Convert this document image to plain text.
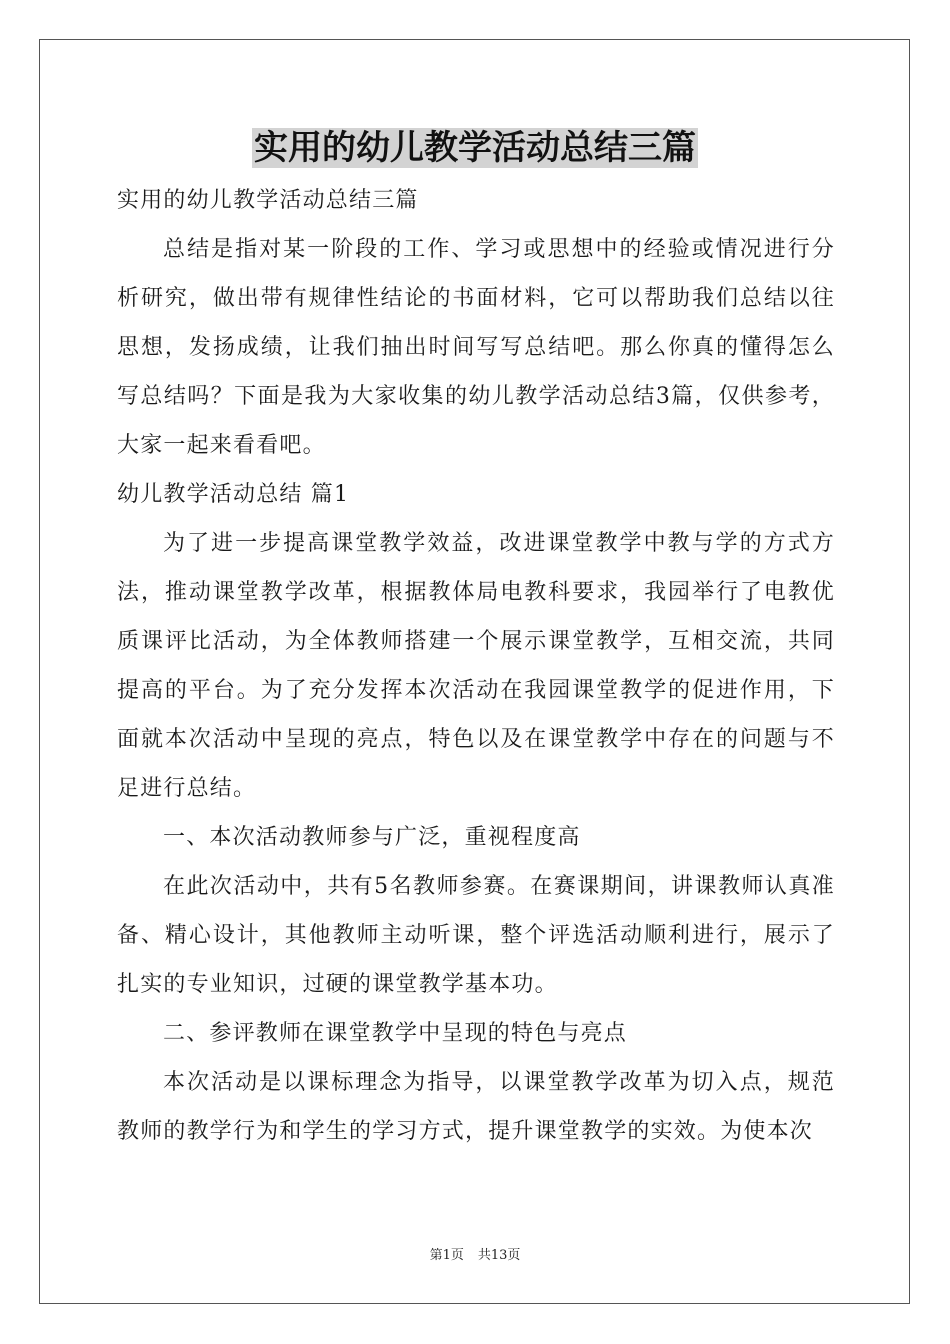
实用的幼儿教学活动总结三篇

实用的幼儿教学活动总结三篇

总结是指对某一阶段的工作、学习或思想中的经验或情况进行分析研究，做出带有规律性结论的书面材料，它可以帮助我们总结以往思想，发扬成绩，让我们抽出时间写写总结吧。那么你真的懂得怎么写总结吗？下面是我为大家收集的幼儿教学活动总结3篇，仅供参考，大家一起来看看吧。

幼儿教学活动总结 篇1

为了进一步提高课堂教学效益，改进课堂教学中教与学的方式方法，推动课堂教学改革，根据教体局电教科要求，我园举行了电教优质课评比活动，为全体教师搭建一个展示课堂教学，互相交流，共同提高的平台。为了充分发挥本次活动在我园课堂教学的促进作用，下面就本次活动中呈现的亮点，特色以及在课堂教学中存在的问题与不足进行总结。

一、本次活动教师参与广泛，重视程度高

在此次活动中，共有5名教师参赛。在赛课期间，讲课教师认真准备、精心设计，其他教师主动听课，整个评选活动顺利进行，展示了扎实的专业知识，过硬的课堂教学基本功。

二、参评教师在课堂教学中呈现的特色与亮点

本次活动是以课标理念为指导，以课堂教学改革为切入点，规范教师的教学行为和学生的学习方式，提升课堂教学的实效。为使本次

第1页 共13页
